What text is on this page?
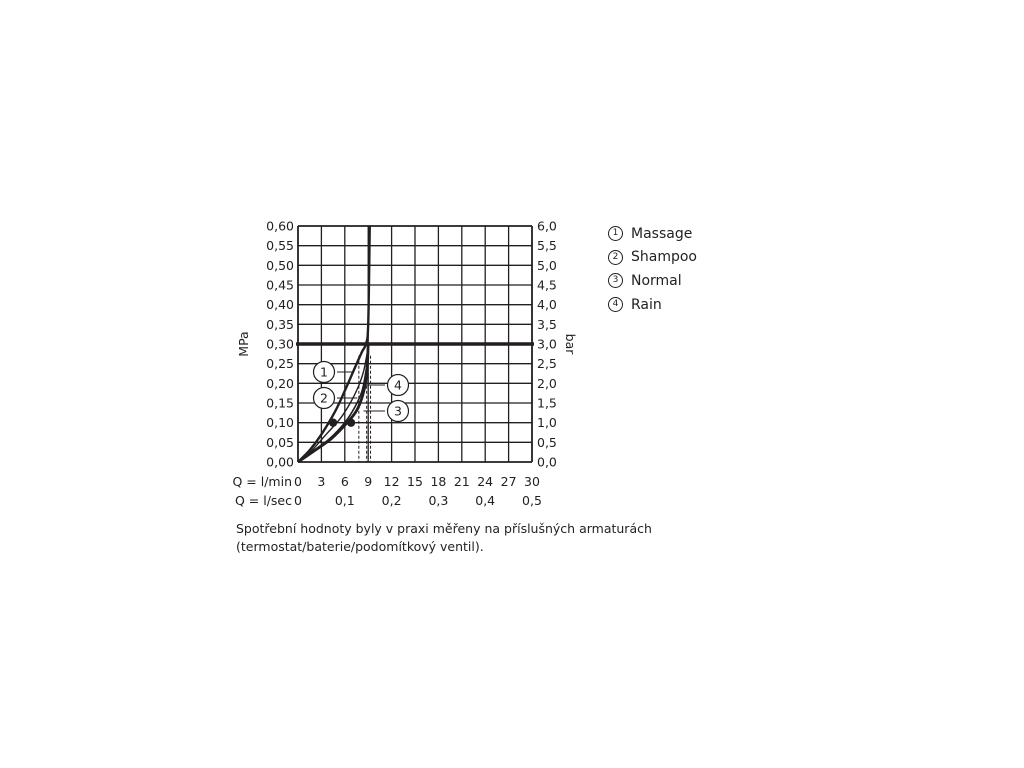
0,00
0,05
0,10
0,15
0,20
0,25
0,30
0,35
0,40
0,45
0,50
0,55
0,60
0,0
0,5
1,0
1,5
2,0
2,5
3,0
3,5
4,0
4,5
5,0
5,5
6,0
MPa	bar
Q = l/min 0 3 6 9 12 15 18 21 24 27 30
Q = l/sec 0	0,1 0,2 0,3 0,4 0,5
1
2
3
4
1 Massage
2 Shampoo
3 Normal
4 Rain
Spotřební hodnoty byly v praxi měřeny na příslušných armaturách (termostat/baterie/podomítkový ventil).
